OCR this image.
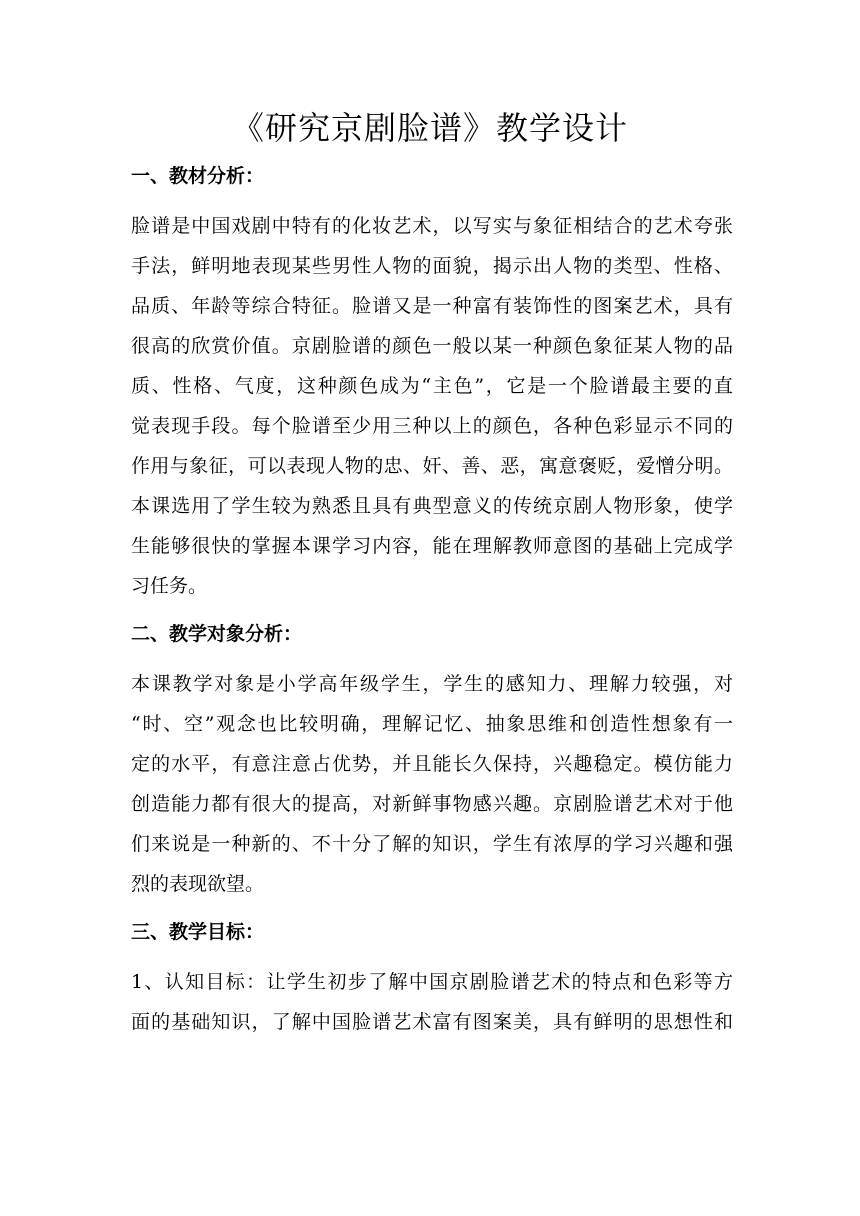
《研究京剧脸谱》教学设计
一、教材分析：
脸谱是中国戏剧中特有的化妆艺术，以写实与象征相结合的艺术夸张
手法，鲜明地表现某些男性人物的面貌，揭示出人物的类型、性格、
品质、年龄等综合特征。脸谱又是一种富有装饰性的图案艺术，具有
很高的欣赏价值。京剧脸谱的颜色一般以某一种颜色象征某人物的品
质、性格、气度，这种颜色成为“主色”，它是一个脸谱最主要的直
觉表现手段。每个脸谱至少用三种以上的颜色，各种色彩显示不同的
作用与象征，可以表现人物的忠、奸、善、恶，寓意褒贬，爱憎分明。
本课选用了学生较为熟悉且具有典型意义的传统京剧人物形象，使学
生能够很快的掌握本课学习内容，能在理解教师意图的基础上完成学
习任务。
二、教学对象分析：
本课教学对象是小学高年级学生，学生的感知力、理解力较强，对
“时、空”观念也比较明确，理解记忆、抽象思维和创造性想象有一
定的水平，有意注意占优势，并且能长久保持，兴趣稳定。模仿能力
创造能力都有很大的提高，对新鲜事物感兴趣。京剧脸谱艺术对于他
们来说是一种新的、不十分了解的知识，学生有浓厚的学习兴趣和强
烈的表现欲望。
三、教学目标：
1、认知目标：让学生初步了解中国京剧脸谱艺术的特点和色彩等方
面的基础知识，了解中国脸谱艺术富有图案美，具有鲜明的思想性和
